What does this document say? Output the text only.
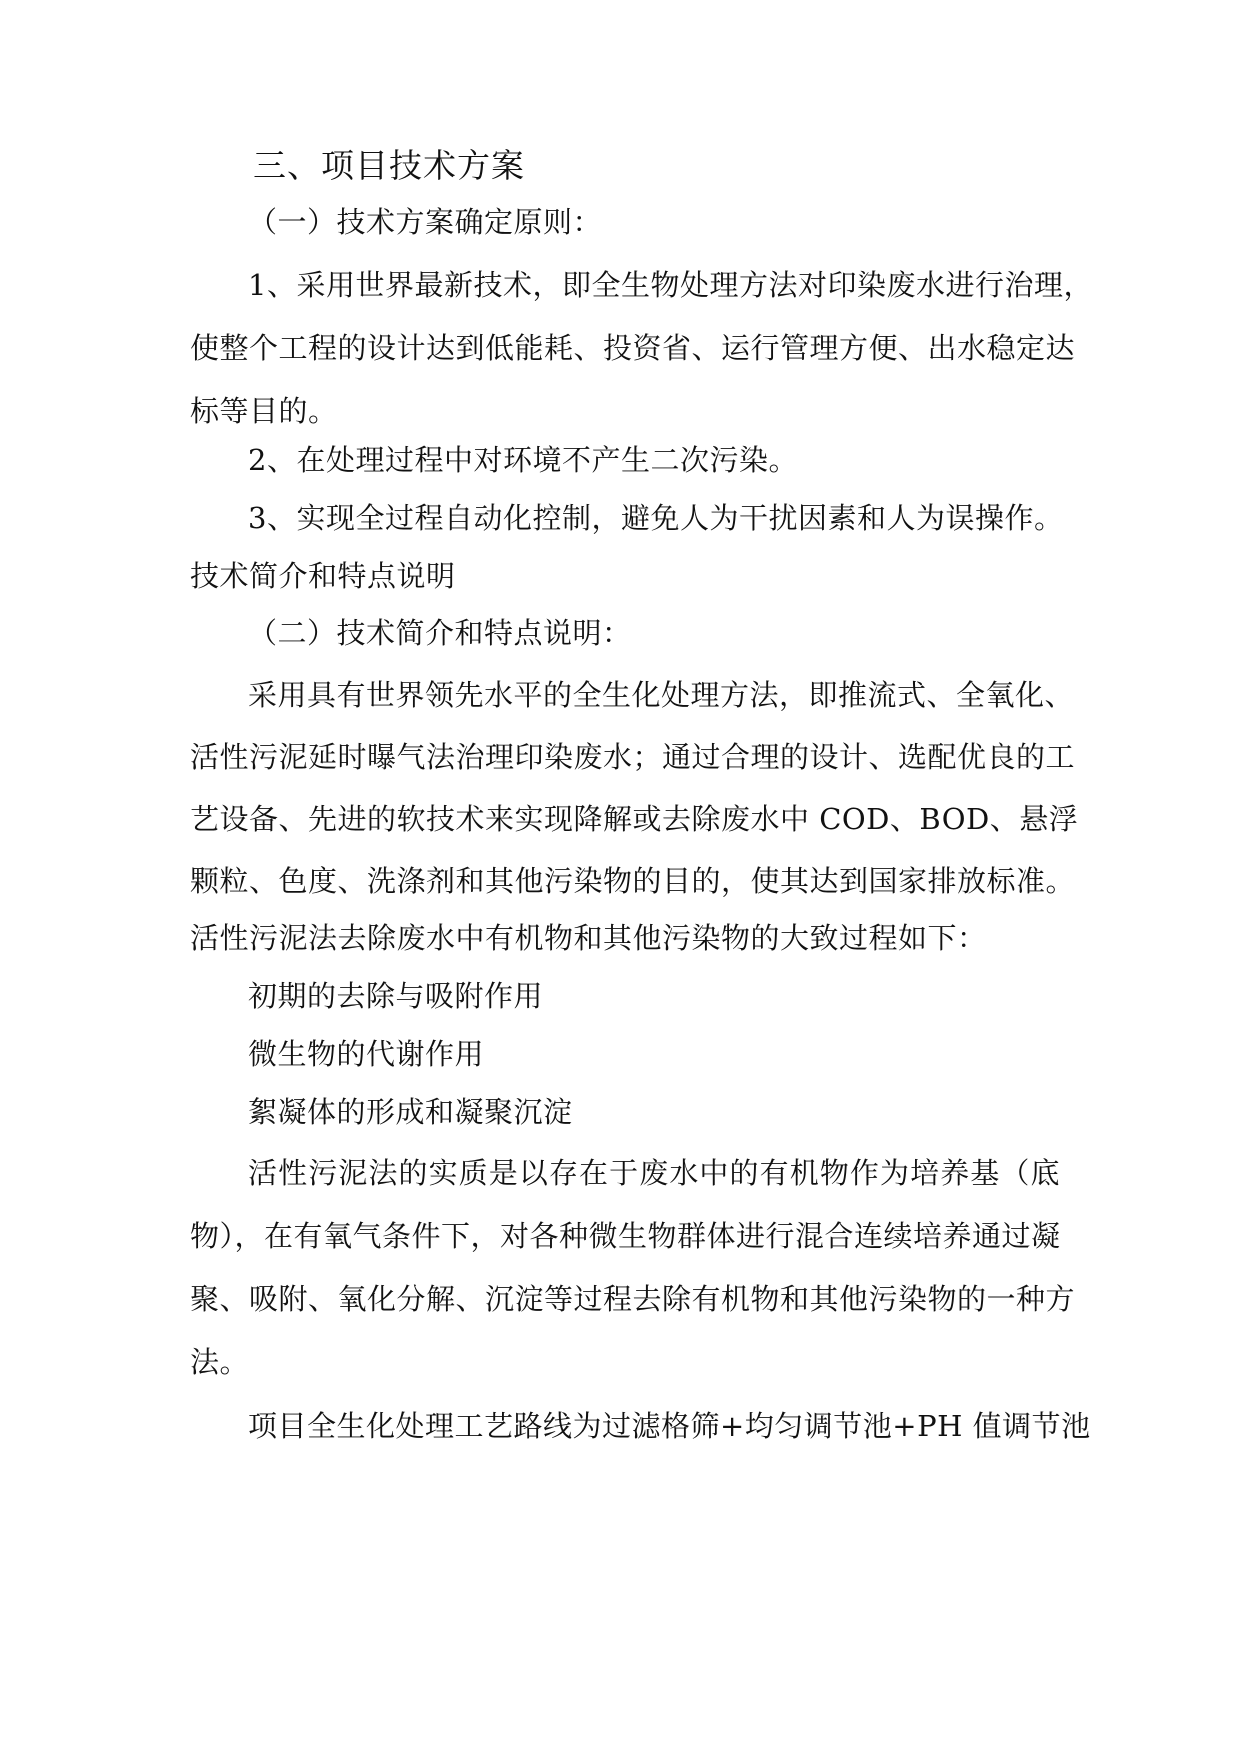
三、项目技术方案
（一）技术方案确定原则：
1、采用世界最新技术，即全生物处理方法对印染废水进行治理，
使整个工程的设计达到低能耗、投资省、运行管理方便、出水稳定达
标等目的。
2、在处理过程中对环境不产生二次污染。
3、实现全过程自动化控制，避免人为干扰因素和人为误操作。
技术简介和特点说明
（二）技术简介和特点说明：
采用具有世界领先水平的全生化处理方法，即推流式、全氧化、
活性污泥延时曝气法治理印染废水；通过合理的设计、选配优良的工
艺设备、先进的软技术来实现降解或去除废水中 COD、BOD、悬浮
颗粒、色度、洗涤剂和其他污染物的目的，使其达到国家排放标准。
活性污泥法去除废水中有机物和其他污染物的大致过程如下：
初期的去除与吸附作用
微生物的代谢作用
絮凝体的形成和凝聚沉淀
活性污泥法的实质是以存在于废水中的有机物作为培养基（底
物），在有氧气条件下，对各种微生物群体进行混合连续培养通过凝
聚、吸附、氧化分解、沉淀等过程去除有机物和其他污染物的一种方
法。
项目全生化处理工艺路线为过滤格筛+均匀调节池+PH 值调节池
